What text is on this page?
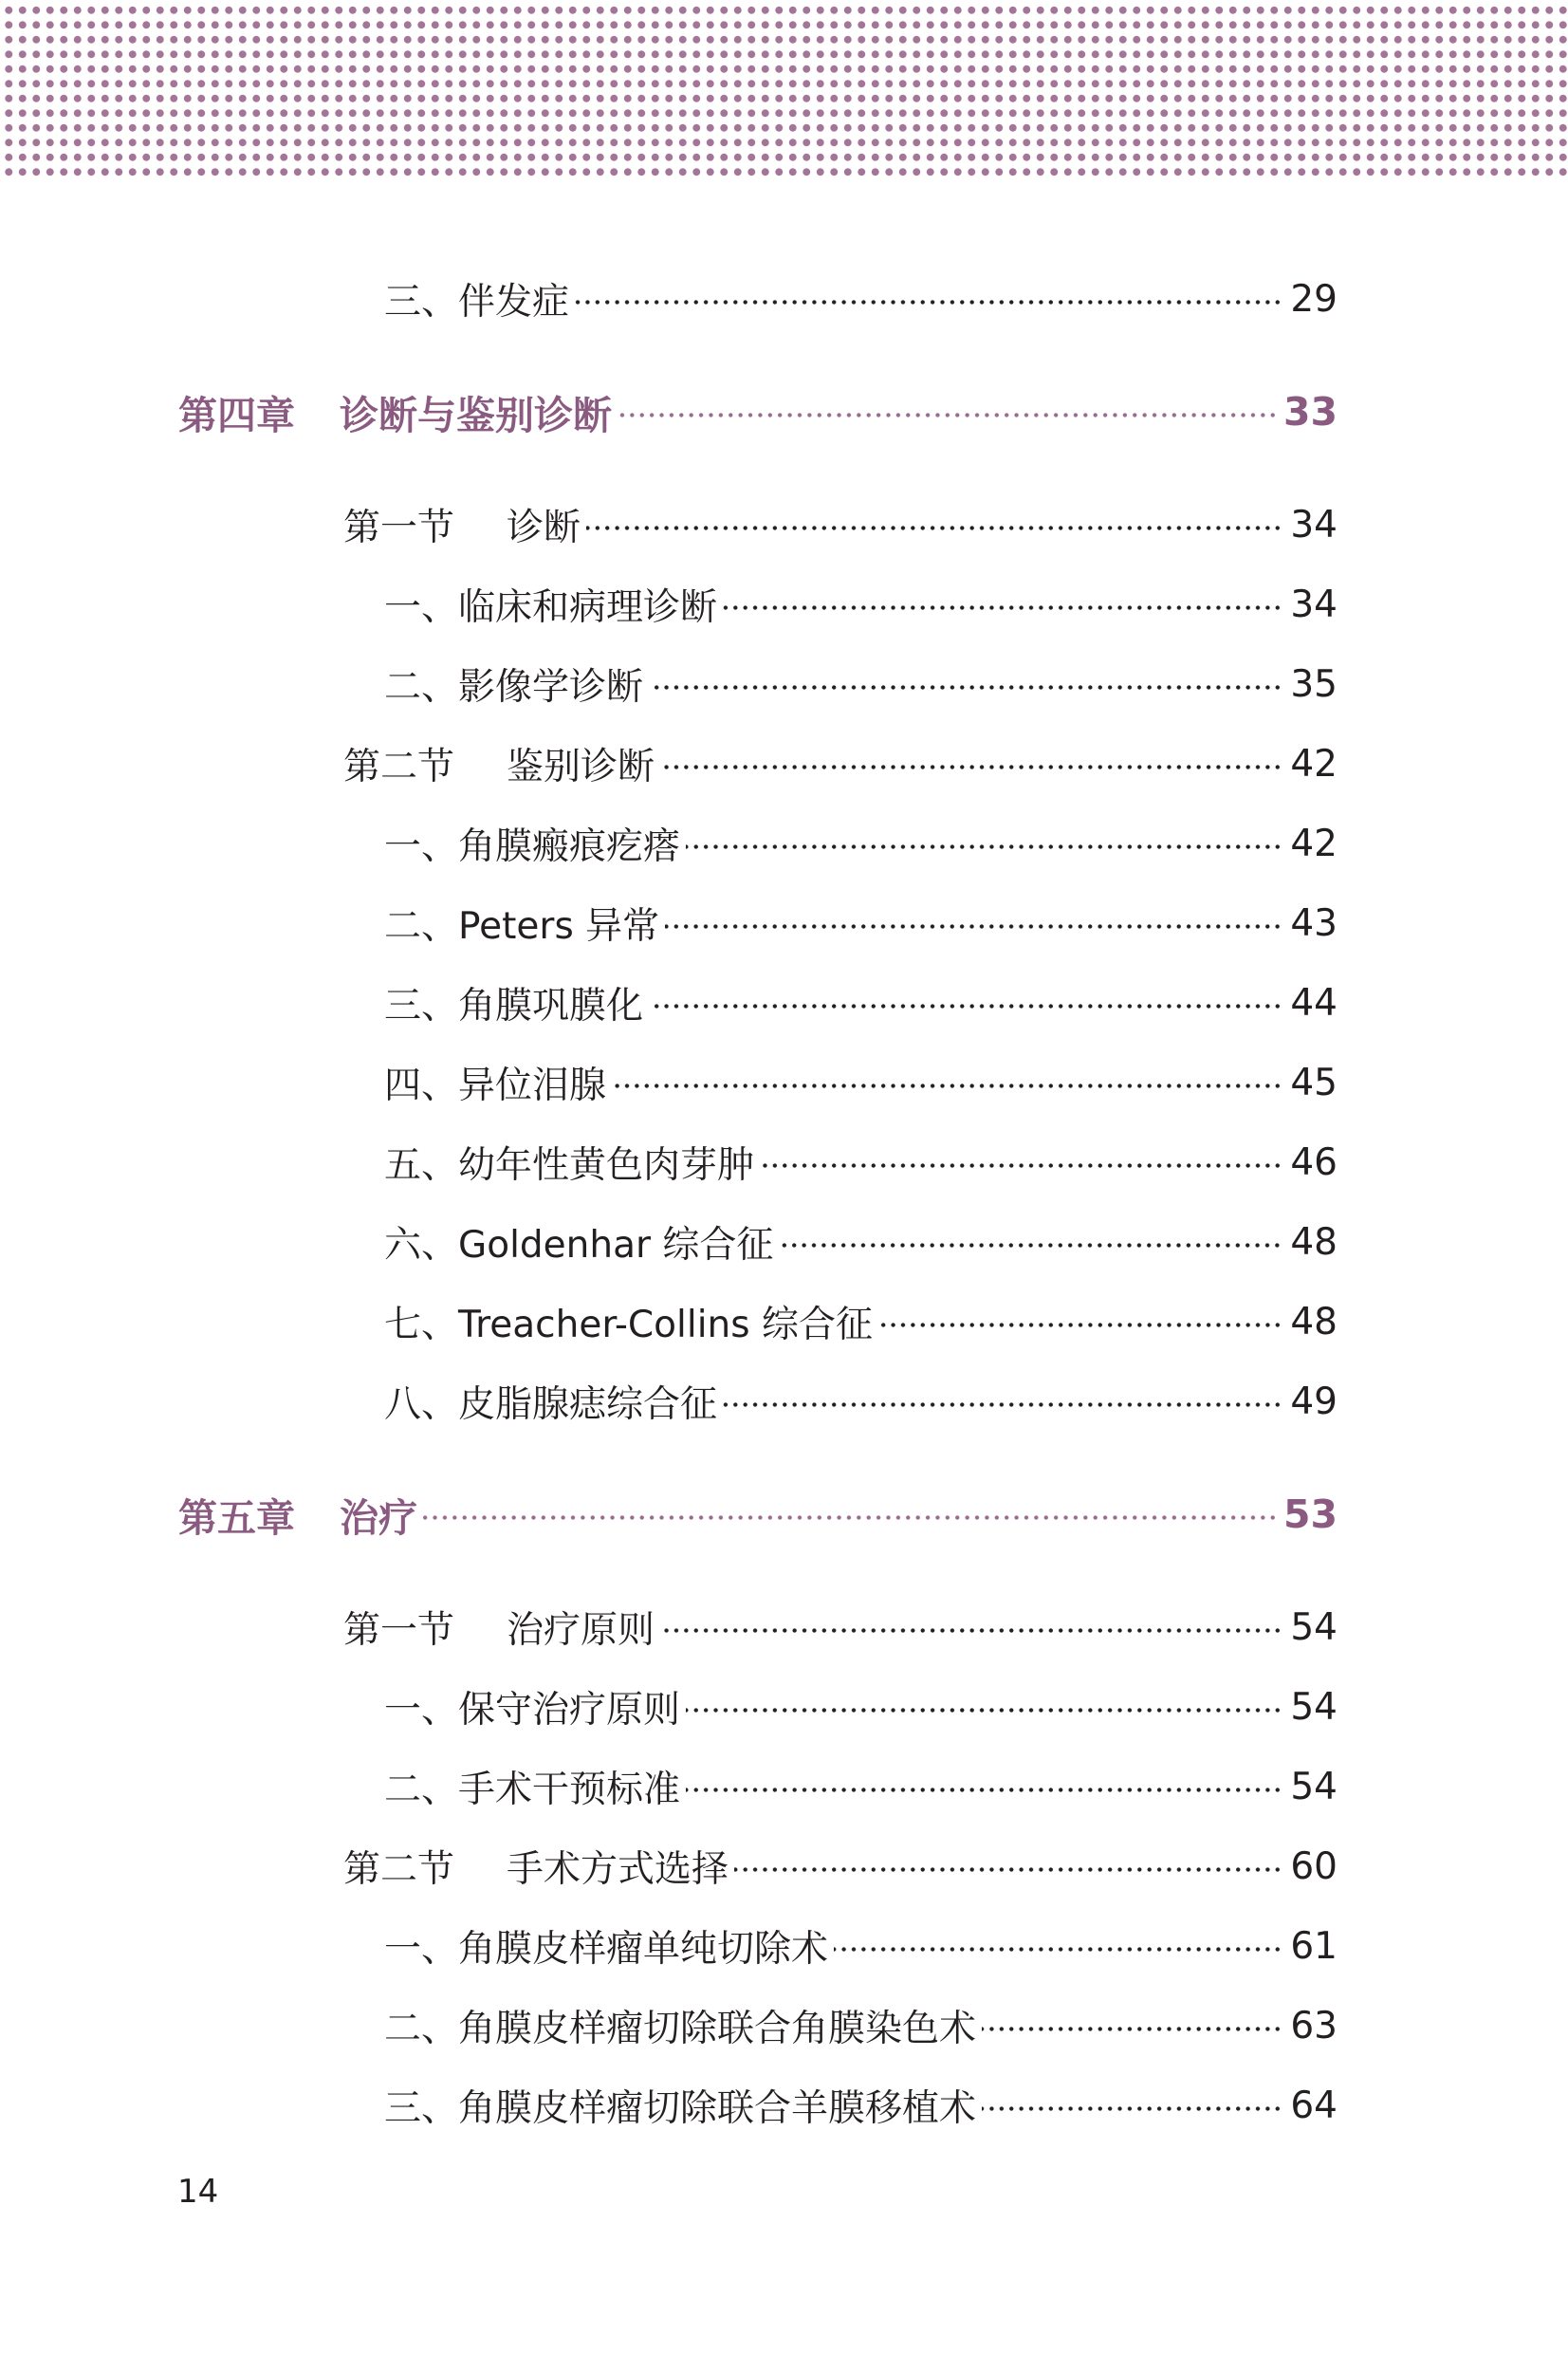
三、伴发症	29
第四章 诊断与鉴别诊断	33
第一节 诊断	34
一、临床和病理诊断	34
二、影像学诊断	35
第二节 鉴别诊断	42
一、角膜瘢痕疙瘩	42
二、Peters 异常	43
三、角膜巩膜化	44
四、异位泪腺	45
五、幼年性黄色肉芽肿	46
六、Goldenhar 综合征	48
七、Treacher-Collins 综合征	48
八、皮脂腺痣综合征	49
第五章 治疗	53
第一节 治疗原则	54
一、保守治疗原则	54
二、手术干预标准	54
第二节 手术方式选择	60
一、角膜皮样瘤单纯切除术	61
二、角膜皮样瘤切除联合角膜染色术	63
三、角膜皮样瘤切除联合羊膜移植术	64
14
